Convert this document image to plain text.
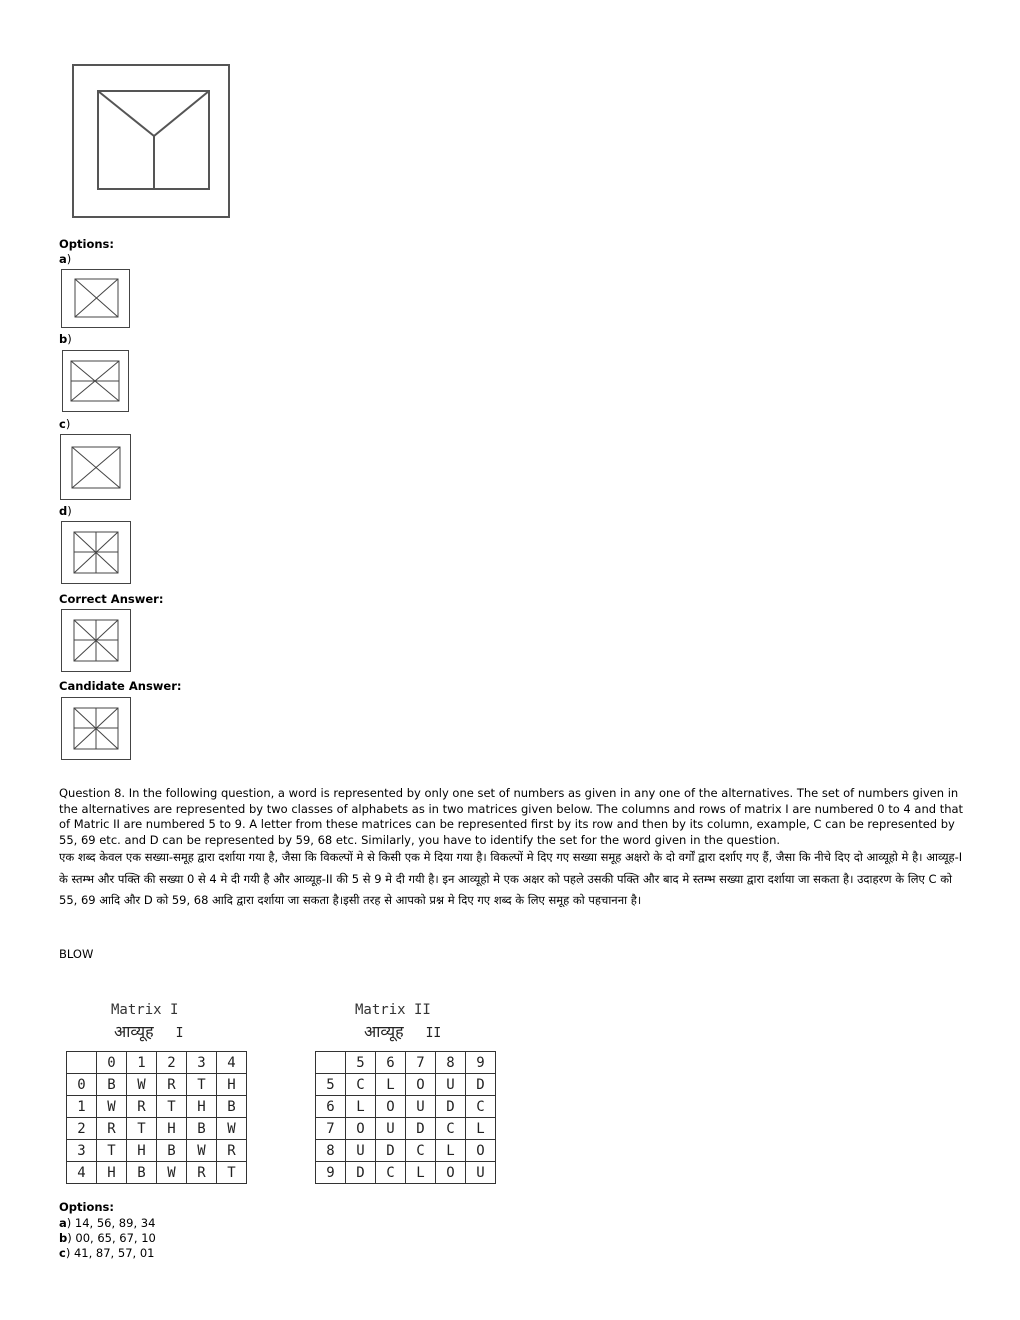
Options:
a)
b)
c)
d)
Correct Answer:
Candidate Answer:
Question 8. In the following question, a word is represented by only one set of numbers as given in any one of the alternatives. The set of numbers given in the alternatives are represented by two classes of alphabets as in two matrices given below. The columns and rows of matrix I are numbered 0 to 4 and that of Matric II are numbered 5 to 9. A letter from these matrices can be represented first by its row and then by its column, example, C can be represented by 55, 69 etc. and D can be represented by 59, 68 etc. Similarly, you have to identify the set for the word given in the question.
एक शब्द केवल एक सख्या-समूह द्वारा दर्शाया गया है, जैसा कि विकल्पों मे से किसी एक मे दिया गया है। विकल्पों मे दिए गए सख्या समूह अक्षरो के दो वर्गों द्वारा दर्शाए गए हैं, जैसा कि नीचे दिए दो आव्यूहो मे है। आव्यूह-I के स्तम्भ और पक्ति की सख्या 0 से 4 मे दी गयी है और आव्यूह-II की 5 से 9 मे दी गयी है। इन आव्यूहो मे एक अक्षर को पहले उसकी पक्ति और बाद मे स्तम्भ सख्या द्वारा दर्शाया जा सकता है। उदाहरण के लिए C को 55, 69 आदि और D को 59, 68 आदि द्वारा दर्शाया जा सकता है।इसी तरह से आपको प्रश्न मे दिए गए शब्द के लिए समूह को पहचानना है।
BLOW
Matrix I
आव्यूह I
	0	1	2	3	4
0	B	W	R	T	H
1	W	R	T	H	B
2	R	T	H	B	W
3	T	H	B	W	R
4	H	B	W	R	T
Matrix II
आव्यूह II
	5	6	7	8	9
5	C	L	O	U	D
6	L	O	U	D	C
7	O	U	D	C	L
8	U	D	C	L	O
9	D	C	L	O	U
Options:
a) 14, 56, 89, 34
b) 00, 65, 67, 10
c) 41, 87, 57, 01
